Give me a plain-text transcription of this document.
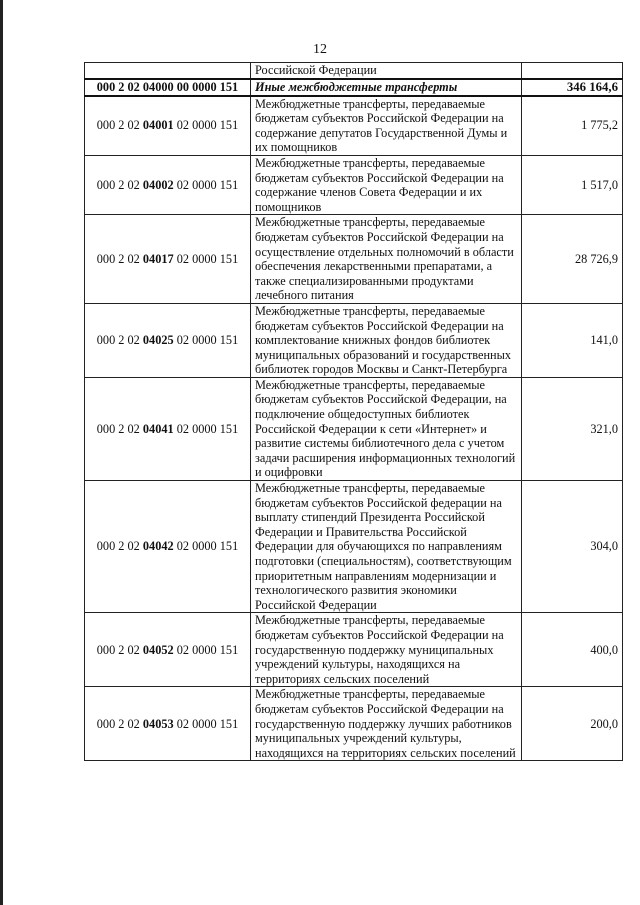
12
	Российской Федерации	
000 2 02 04000 00 0000 151	Иные межбюджетные трансферты	346 164,6
000 2 02 04001 02 0000 151	Межбюджетные трансферты, передаваемые бюджетам субъектов Российской Федерации на содержание депутатов Государственной Думы и их помощников	1 775,2
000 2 02 04002 02 0000 151	Межбюджетные трансферты, передаваемые бюджетам субъектов Российской Федерации на содержание членов Совета Федерации и их помощников	1 517,0
000 2 02 04017 02 0000 151	Межбюджетные трансферты, передаваемые бюджетам субъектов Российской Федерации на осуществление отдельных полномочий в области обеспечения лекарственными препаратами, а также специализированными продуктами лечебного питания	28 726,9
000 2 02 04025 02 0000 151	Межбюджетные трансферты, передаваемые бюджетам субъектов Российской Федерации на комплектование книжных фондов библиотек муниципальных образований и государственных библиотек городов Москвы и Санкт-Петербурга	141,0
000 2 02 04041 02 0000 151	Межбюджетные трансферты, передаваемые бюджетам субъектов Российской Федерации, на подключение общедоступных библиотек Российской Федерации к сети «Интернет» и развитие системы библиотечного дела с учетом задачи расширения информационных технологий и оцифровки	321,0
000 2 02 04042 02 0000 151	Межбюджетные трансферты, передаваемые бюджетам субъектов Российской федерации на выплату стипендий Президента Российской Федерации и Правительства Российской Федерации для обучающихся по направлениям подготовки (специальностям), соответствующим приоритетным направлениям модернизации и технологического развития экономики Российской Федерации	304,0
000 2 02 04052 02 0000 151	Межбюджетные трансферты, передаваемые бюджетам субъектов Российской Федерации на государственную поддержку муниципальных учреждений культуры, находящихся на территориях сельских поселений	400,0
000 2 02 04053 02 0000 151	Межбюджетные трансферты, передаваемые бюджетам субъектов Российской Федерации на государственную поддержку лучших работников муниципальных учреждений культуры, находящихся на территориях сельских поселений	200,0
